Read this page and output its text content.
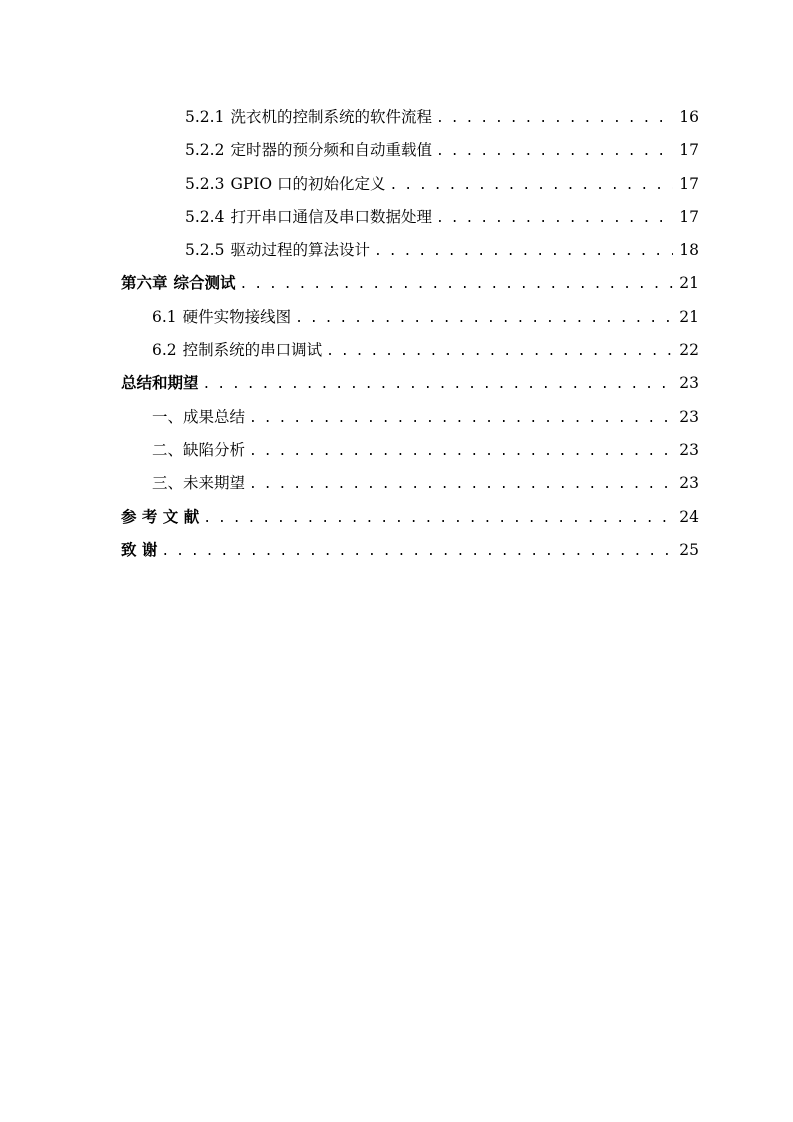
5.2.1 洗衣机的控制系统的软件流程 . . .	16
5.2.2 定时器的预分频和自动重载值 . . .	17
5.2.3 GPIO 口的初始化定义 . . .	17
5.2.4 打开串口通信及串口数据处理 . . .	17
5.2.5 驱动过程的算法设计 . . .	18
第六章 综合测试 . . .	21
6.1 硬件实物接线图 . . .	21
6.2 控制系统的串口调试 . . .	22
总结和期望 . . .	23
一、成果总结 . . .	23
二、缺陷分析 . . .	23
三、未来期望 . . .	23
参 考 文 献 . . .	24
致 谢 . . .	25
